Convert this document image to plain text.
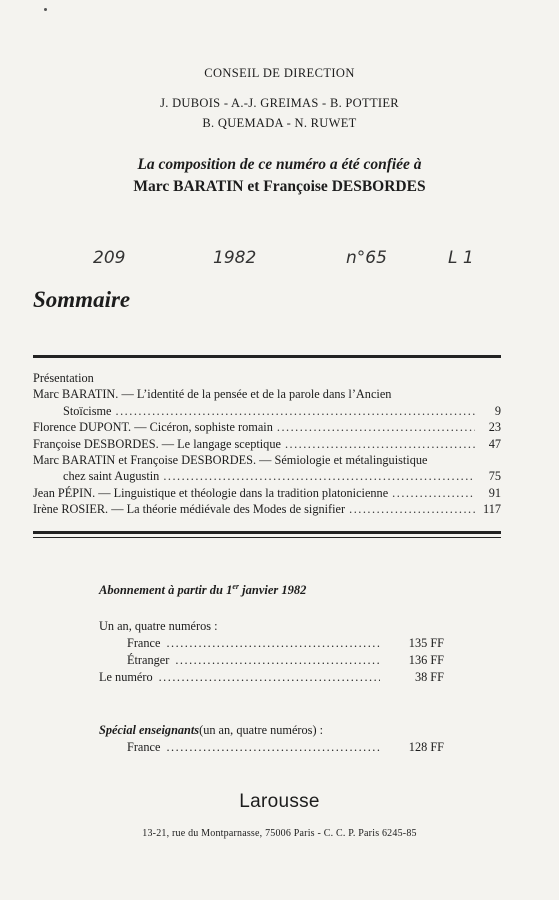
CONSEIL DE DIRECTION
J. DUBOIS - A.-J. GREIMAS - B. POTTIER
B. QUEMADA - N. RUWET
La composition de ce numéro a été confiée à
Marc BARATIN et Françoise DESBORDES
209	1982	n°65	L 1
Sommaire
Présentation
Marc BARATIN. — L’identité de la pensée et de la parole dans l’Ancien
Stoïcisme .....	9
Florence DUPONT. — Cicéron, sophiste romain .....	23
Françoise DESBORDES. — Le langage sceptique .....	47
Marc BARATIN et Françoise DESBORDES. — Sémiologie et métalinguistique
chez saint Augustin .....	75
Jean PÉPIN. — Linguistique et théologie dans la tradition platonicienne .....	91
Irène ROSIER. — La théorie médiévale des Modes de signifier .....	117
Abonnement à partir du 1er janvier 1982
Un an, quatre numéros :
France .....	135 FF
Étranger .....	136 FF
Le numéro .....	38 FF
Spécial enseignants (un an, quatre numéros) :
France .....	128 FF
Larousse
13-21, rue du Montparnasse, 75006 Paris - C. C. P. Paris 6245-85
